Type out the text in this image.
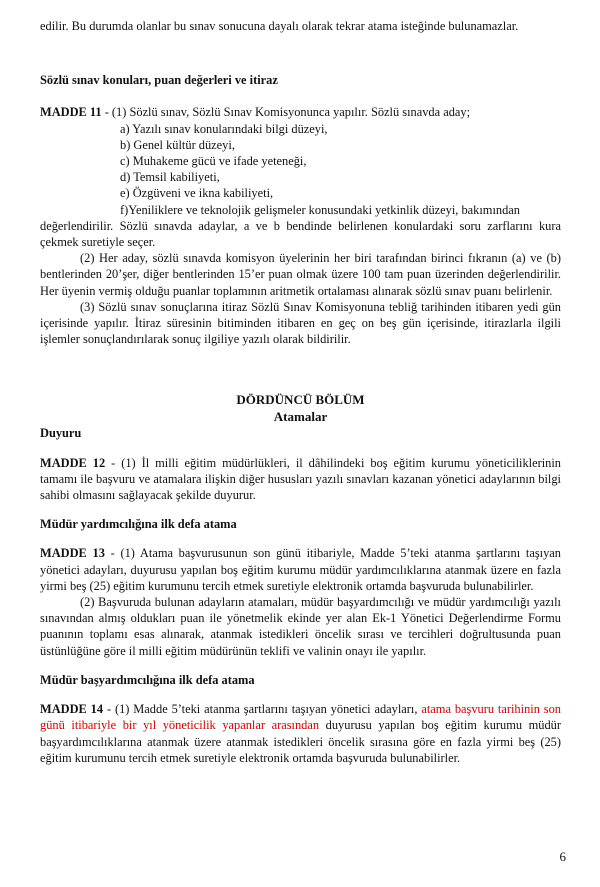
edilir. Bu durumda olanlar bu sınav sonucuna dayalı olarak tekrar atama isteğinde bulunamazlar.

Sözlü sınav konuları, puan değerleri ve itiraz

MADDE 11 - (1) Sözlü sınav, Sözlü Sınav Komisyonunca yapılır. Sözlü sınavda aday;

a) Yazılı sınav konularındaki bilgi düzeyi,

b) Genel kültür düzeyi,

c) Muhakeme gücü ve ifade yeteneği,

d) Temsil kabiliyeti,

e) Özgüveni ve ikna kabiliyeti,

f)Yeniliklere ve teknolojik gelişmeler konusundaki yetkinlik düzeyi, bakımından

değerlendirilir. Sözlü sınavda adaylar, a ve b bendinde belirlenen konulardaki soru zarflarını kura çekmek suretiyle seçer.

(2) Her aday, sözlü sınavda komisyon üyelerinin her biri tarafından birinci fıkranın (a) ve (b) bentlerinden 20’şer, diğer bentlerinden 15’er puan olmak üzere 100 tam puan üzerinden değerlendirilir. Her üyenin vermiş olduğu puanlar toplamının aritmetik ortalaması alınarak sözlü sınav puanı belirlenir.

(3) Sözlü sınav sonuçlarına itiraz Sözlü Sınav Komisyonuna tebliğ tarihinden itibaren yedi gün içerisinde yapılır. İtiraz süresinin bitiminden itibaren en geç on beş gün içerisinde, itirazlarla ilgili işlemler sonuçlandırılarak sonuç ilgiliye yazılı olarak bildirilir.

DÖRDÜNCÜ BÖLÜM

Atamalar

Duyuru

MADDE 12 - (1) İl milli eğitim müdürlükleri, il dâhilindeki boş eğitim kurumu yöneticiliklerinin tamamı ile başvuru ve atamalara ilişkin diğer hususları yazılı sınavları kazanan yönetici adaylarının bilgi sahibi olmasını sağlayacak şekilde duyurur.

Müdür yardımcılığına ilk defa atama

MADDE 13 - (1) Atama başvurusunun son günü itibariyle, Madde 5’teki atanma şartlarını taşıyan yönetici adayları, duyurusu yapılan boş eğitim kurumu müdür yardımcılıklarına atanmak üzere en fazla yirmi beş (25) eğitim kurumunu tercih etmek suretiyle elektronik ortamda başvuruda bulunabilirler.

(2) Başvuruda bulunan adayların atamaları, müdür başyardımcılığı ve müdür yardımcılığı yazılı sınavından almış oldukları puan ile yönetmelik ekinde yer alan Ek-1 Yönetici Değerlendirme Formu puanının toplamı esas alınarak, atanmak istedikleri öncelik sırası ve tercihleri doğrultusunda puan üstünlüğüne göre il milli eğitim müdürünün teklifi ve valinin onayı ile yapılır.

Müdür başyardımcılığına ilk defa atama

MADDE 14 - (1) Madde 5’teki atanma şartlarını taşıyan yönetici adayları, atama başvuru tarihinin son günü itibariyle bir yıl yöneticilik yapanlar arasından duyurusu yapılan boş eğitim kurumu müdür başyardımcılıklarına atanmak üzere atanmak istedikleri öncelik sırasına göre en fazla yirmi beş (25) eğitim kurumunu tercih etmek suretiyle elektronik ortamda başvuruda bulunabilirler.

6
